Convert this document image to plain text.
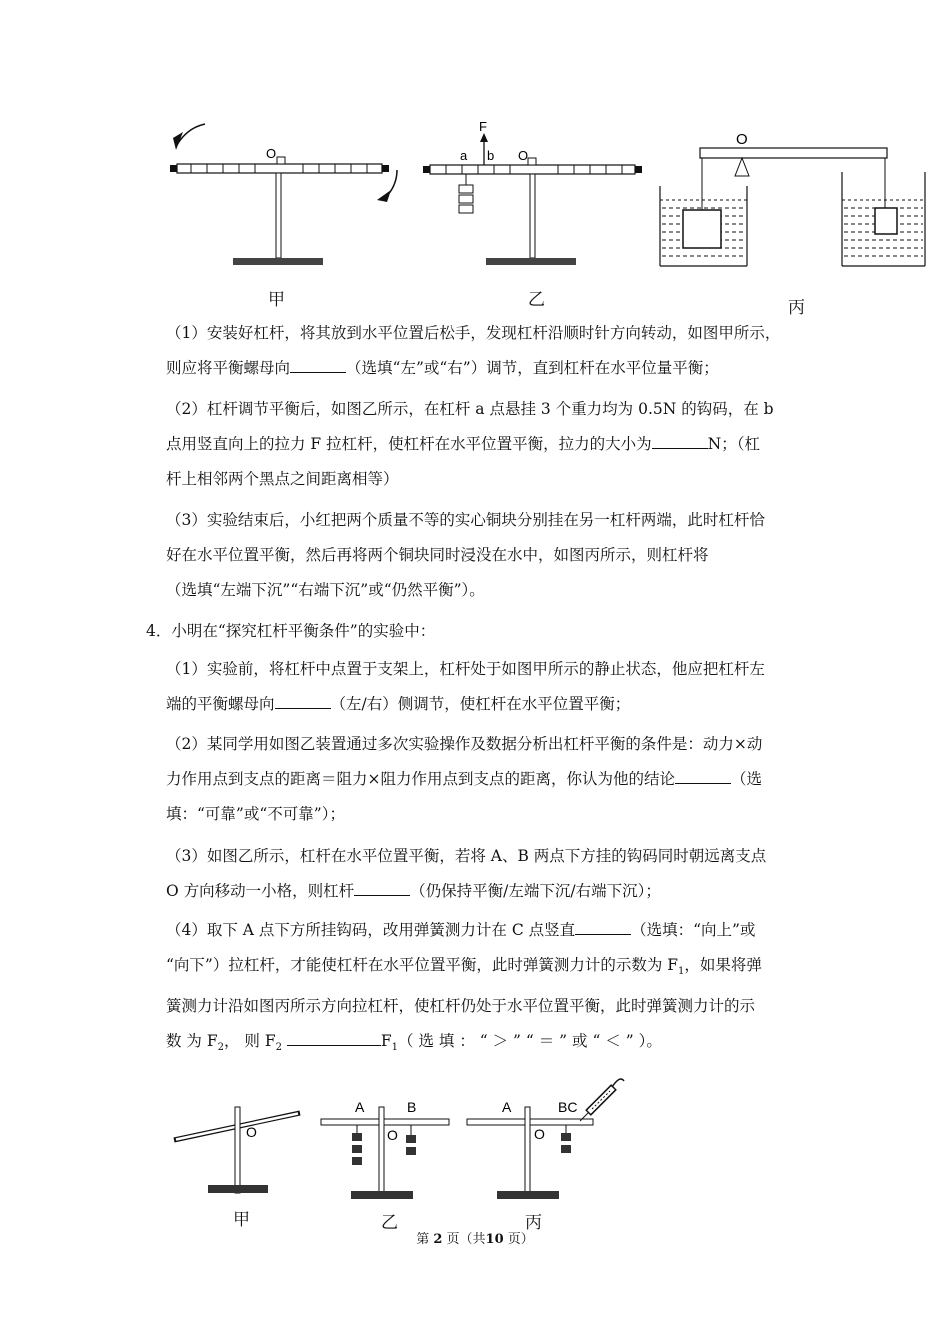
O
甲
F
a b O
乙
O
丙
（1）安装好杠杆，将其放到水平位置后松手，发现杠杆沿顺时针方向转动，如图甲所示，
则应将平衡螺母向	（选填“左”或“右”）调节，直到杠杆在水平位量平衡；
（2）杠杆调节平衡后，如图乙所示，在杠杆 a 点悬挂 3 个重力均为 0.5N 的钩码，在 b
点用竖直向上的拉力 F 拉杠杆，使杠杆在水平位置平衡，拉力的大小为	N；（杠
杆上相邻两个黑点之间距离相等）
（3）实验结束后，小红把两个质量不等的实心铜块分别挂在另一杠杆两端，此时杠杆恰
好在水平位置平衡，然后再将两个铜块同时浸没在水中，如图丙所示，则杠杆将
（选填“左端下沉”“右端下沉”或“仍然平衡”）。

4．小明在“探究杠杆平衡条件”的实验中：

（1）实验前，将杠杆中点置于支架上，杠杆处于如图甲所示的静止状态，他应把杠杆左
端的平衡螺母向	（左/右）侧调节，使杠杆在水平位置平衡；
（2）某同学用如图乙装置通过多次实验操作及数据分析出杠杆平衡的条件是：动力×动
力作用点到支点的距离＝阻力×阻力作用点到支点的距离，你认为他的结论	（选
填：“可靠”或“不可靠”）；
（3）如图乙所示，杠杆在水平位置平衡，若将 A、B 两点下方挂的钩码同时朝远离支点
O 方向移动一小格，则杠杆	（仍保持平衡/左端下沉/右端下沉）；
（4）取下 A 点下方所挂钩码，改用弹簧测力计在 C 点竖直	（选填：“向上”或
“向下”）拉杠杆，才能使杠杆在水平位置平衡，此时弹簧测力计的示数为 $F_1$，如果将弹
簧测力计沿如图丙所示方向拉杠杆，使杠杆仍处于水平位置平衡，此时弹簧测力计的示
数 为 $F_2$， 则 $F_2$	$F_1$（ 选 填 ： “ ＞ ” “ ＝ ” 或 “ ＜ ” ）。
O
甲
A	B
O
乙
A	BC
O
丙
第 2 页（共10 页）
